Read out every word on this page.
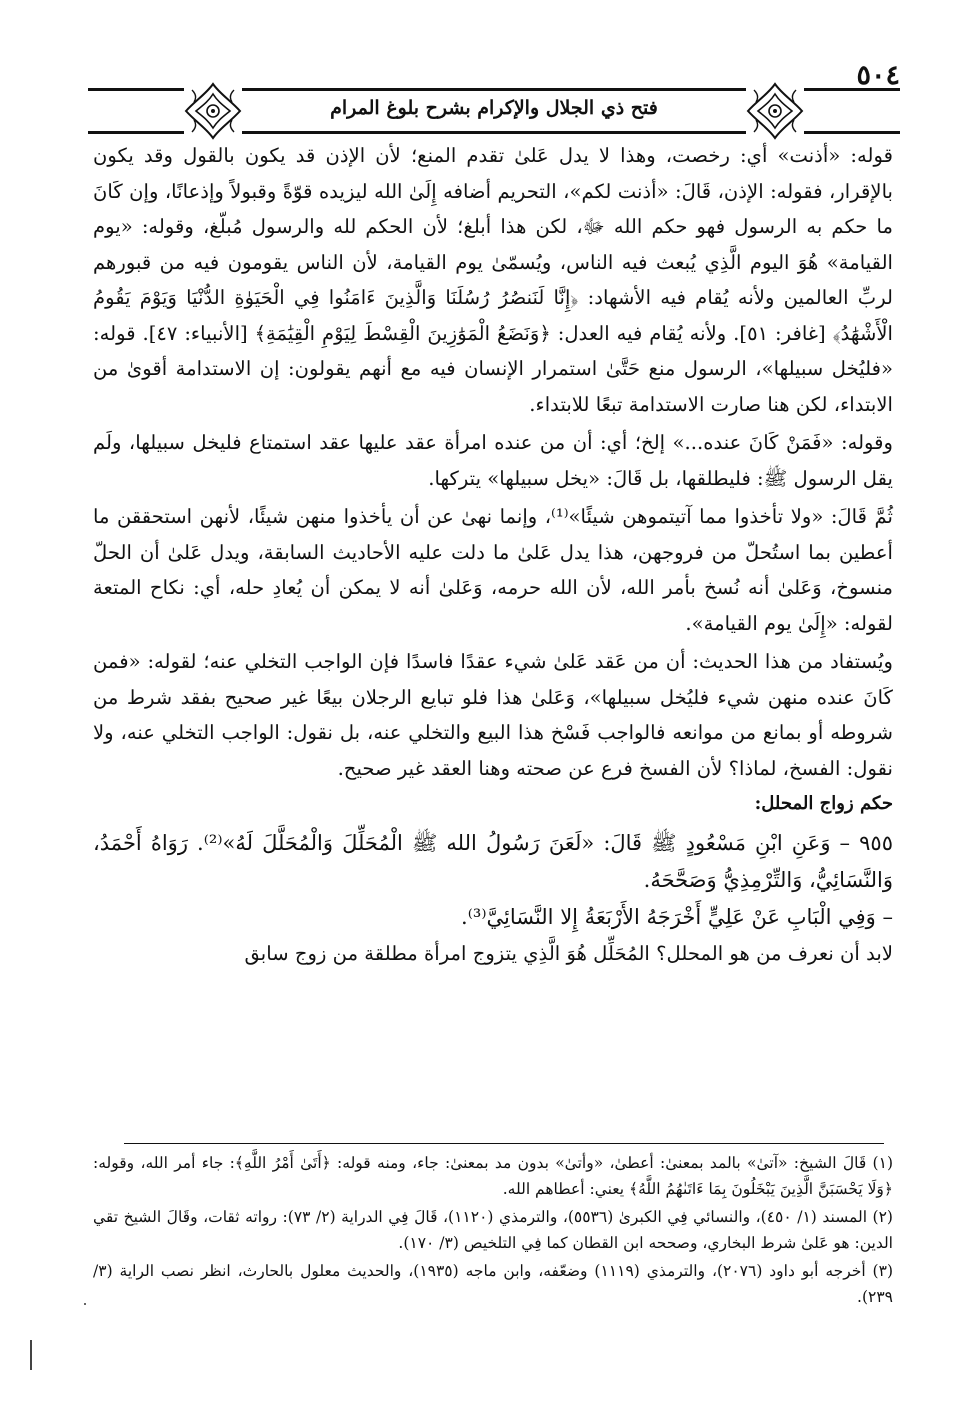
٥٠٤
فتح ذي الجلال والإكرام بشرح بلوغ المرام

قوله: «أذنت» أي: رخصت، وهذا لا يدل عَلىٰ تقدم المنع؛ لأن الإذن قد يكون بالقول وقد يكون بالإقرار، فقوله: الإذن، قَالَ: «أذنت لكم»، التحريم أضافه إِلَىٰ الله ليزيده قوّةً وقبولاً وإذعانًا، وإن كَانَ ما حكم به الرسول فهو حكم الله ﷻ، لكن هذا أبلغ؛ لأن الحكم لله والرسول مُبلّغ، وقوله: «يوم القيامة» هُوَ اليوم الَّذِي يُبعث فيه الناس، ويُسمّىٰ يوم القيامة، لأن الناس يقومون فيه من قبورهم لربِّ العالمين ولأنه يُقام فيه الأشهاد: ﴿إِنَّا لَنَنصُرُ رُسُلَنَا وَالَّذِينَ ءَامَنُوا فِي الْحَيَوٰةِ الدُّنْيَا وَيَوْمَ يَقُومُ الْأَشْهَٰدُ﴾ [غافر: ٥١]. ولأنه يُقام فيه العدل: ﴿وَنَضَعُ الْمَوَٰزِينَ الْقِسْطَ لِيَوْمِ الْقِيَٰمَةِ﴾ [الأنبياء: ٤٧]. قوله: «فليُخل سبيلها»، الرسول منع حَتَّىٰ استمرار الإنسان فيه مع أنهم يقولون: إن الاستدامة أقوىٰ من الابتداء، لكن هنا صارت الاستدامة تبعًا للابتداء.

وقوله: «فَمَنْ كَانَ عنده...» إلخ؛ أي: أن من عنده امرأة عقد عليها عقد استمتاع فليخل سبيلها، ولَم يقل الرسول ﷺ: فليطلقها، بل قَالَ: «يخل سبيلها» يتركها.

ثُمَّ قَالَ: «ولا تأخذوا مما آتيتموهن شيئًا»⁽¹⁾، وإنما نهىٰ عن أن يأخذوا منهن شيئًا، لأنهن استحققن ما أعطين بما استُحلّ من فروجهن، هذا يدل عَلىٰ ما دلت عليه الأحاديث السابقة، ويدل عَلىٰ أن الحلّ منسوخ، وَعَلىٰ أنه نُسخ بأمر الله، لأن الله حرمه، وَعَلىٰ أنه لا يمكن أن يُعادِ حله، أي: نكاح المتعة لقوله: «إِلَىٰ يوم القيامة».

ويُستفاد من هذا الحديث: أن من عَقد عَلىٰ شيء عقدًا فاسدًا فإن الواجب التخلي عنه؛ لقوله: «فمن كَانَ عنده منهن شيء فليُخل سبيلها»، وَعَلىٰ هذا فلو تبايع الرجلان بيعًا غير صحيح بفقد شرط من شروطه أو بمانع من موانعه فالواجب فَسْخ هذا البيع والتخلي عنه، بل نقول: الواجب التخلي عنه، ولا نقول: الفسخ، لماذا؟ لأن الفسخ فرع عن صحته وهنا العقد غير صحيح.

حكم زواج المحلل:

٩٥٥ – وَعَنِ ابْنِ مَسْعُودٍ ﷺ قَالَ: «لَعَنَ رَسُولُ الله ﷺ الْمُحَلِّلَ وَالْمُحَلَّلَ لَهُ»⁽²⁾. رَوَاهُ أَحْمَدُ، وَالنَّسَائِيُّ، وَالتِّرْمِذِيُّ وَصَحَّحَهُ.

– وَفِي الْبَابِ عَنْ عَلِيٍّ أَخْرَجَهُ الأَرْبَعَةُ إِلا النَّسَائِيَّ⁽³⁾.

لابد أن نعرف من هو المحلل؟ المُحَلِّل هُوَ الَّذِي يتزوج امرأة مطلقة من زوج سابق

(١) قَالَ الشيخ: «آتىٰ» بالمد بمعنىٰ: أعطىٰ، «وأتىٰ» بدون مد بمعنىٰ: جاء، ومنه قوله: ﴿أَتَىٰ أَمْرُ اللَّهِ﴾: جاء أمر الله، وقوله: ﴿وَلَا يَحْسَبَنَّ الَّذِينَ يَبْخَلُونَ بِمَا ءَاتَىٰهُمُ اللَّهُ﴾ يعني: أعطاهم الله.

(٢) المسند (١/ ٤٥٠)، والنسائي فِي الكبرىٰ (٥٥٣٦)، والترمذي (١١٢٠)، قَالَ فِي الدراية (٢/ ٧٣): رواته ثقات، وقَالَ الشيخ تقي الدين: هو عَلىٰ شرط البخاري، وصححه ابن القطان كما فِي التلخيص (٣/ ١٧٠).

(٣) أخرجه أبو داود (٢٠٧٦)، والترمذي (١١١٩) وضعّفه، وابن ماجه (١٩٣٥)، والحديث معلول بالحارث، انظر نصب الراية (٣/ ٢٣٩).
